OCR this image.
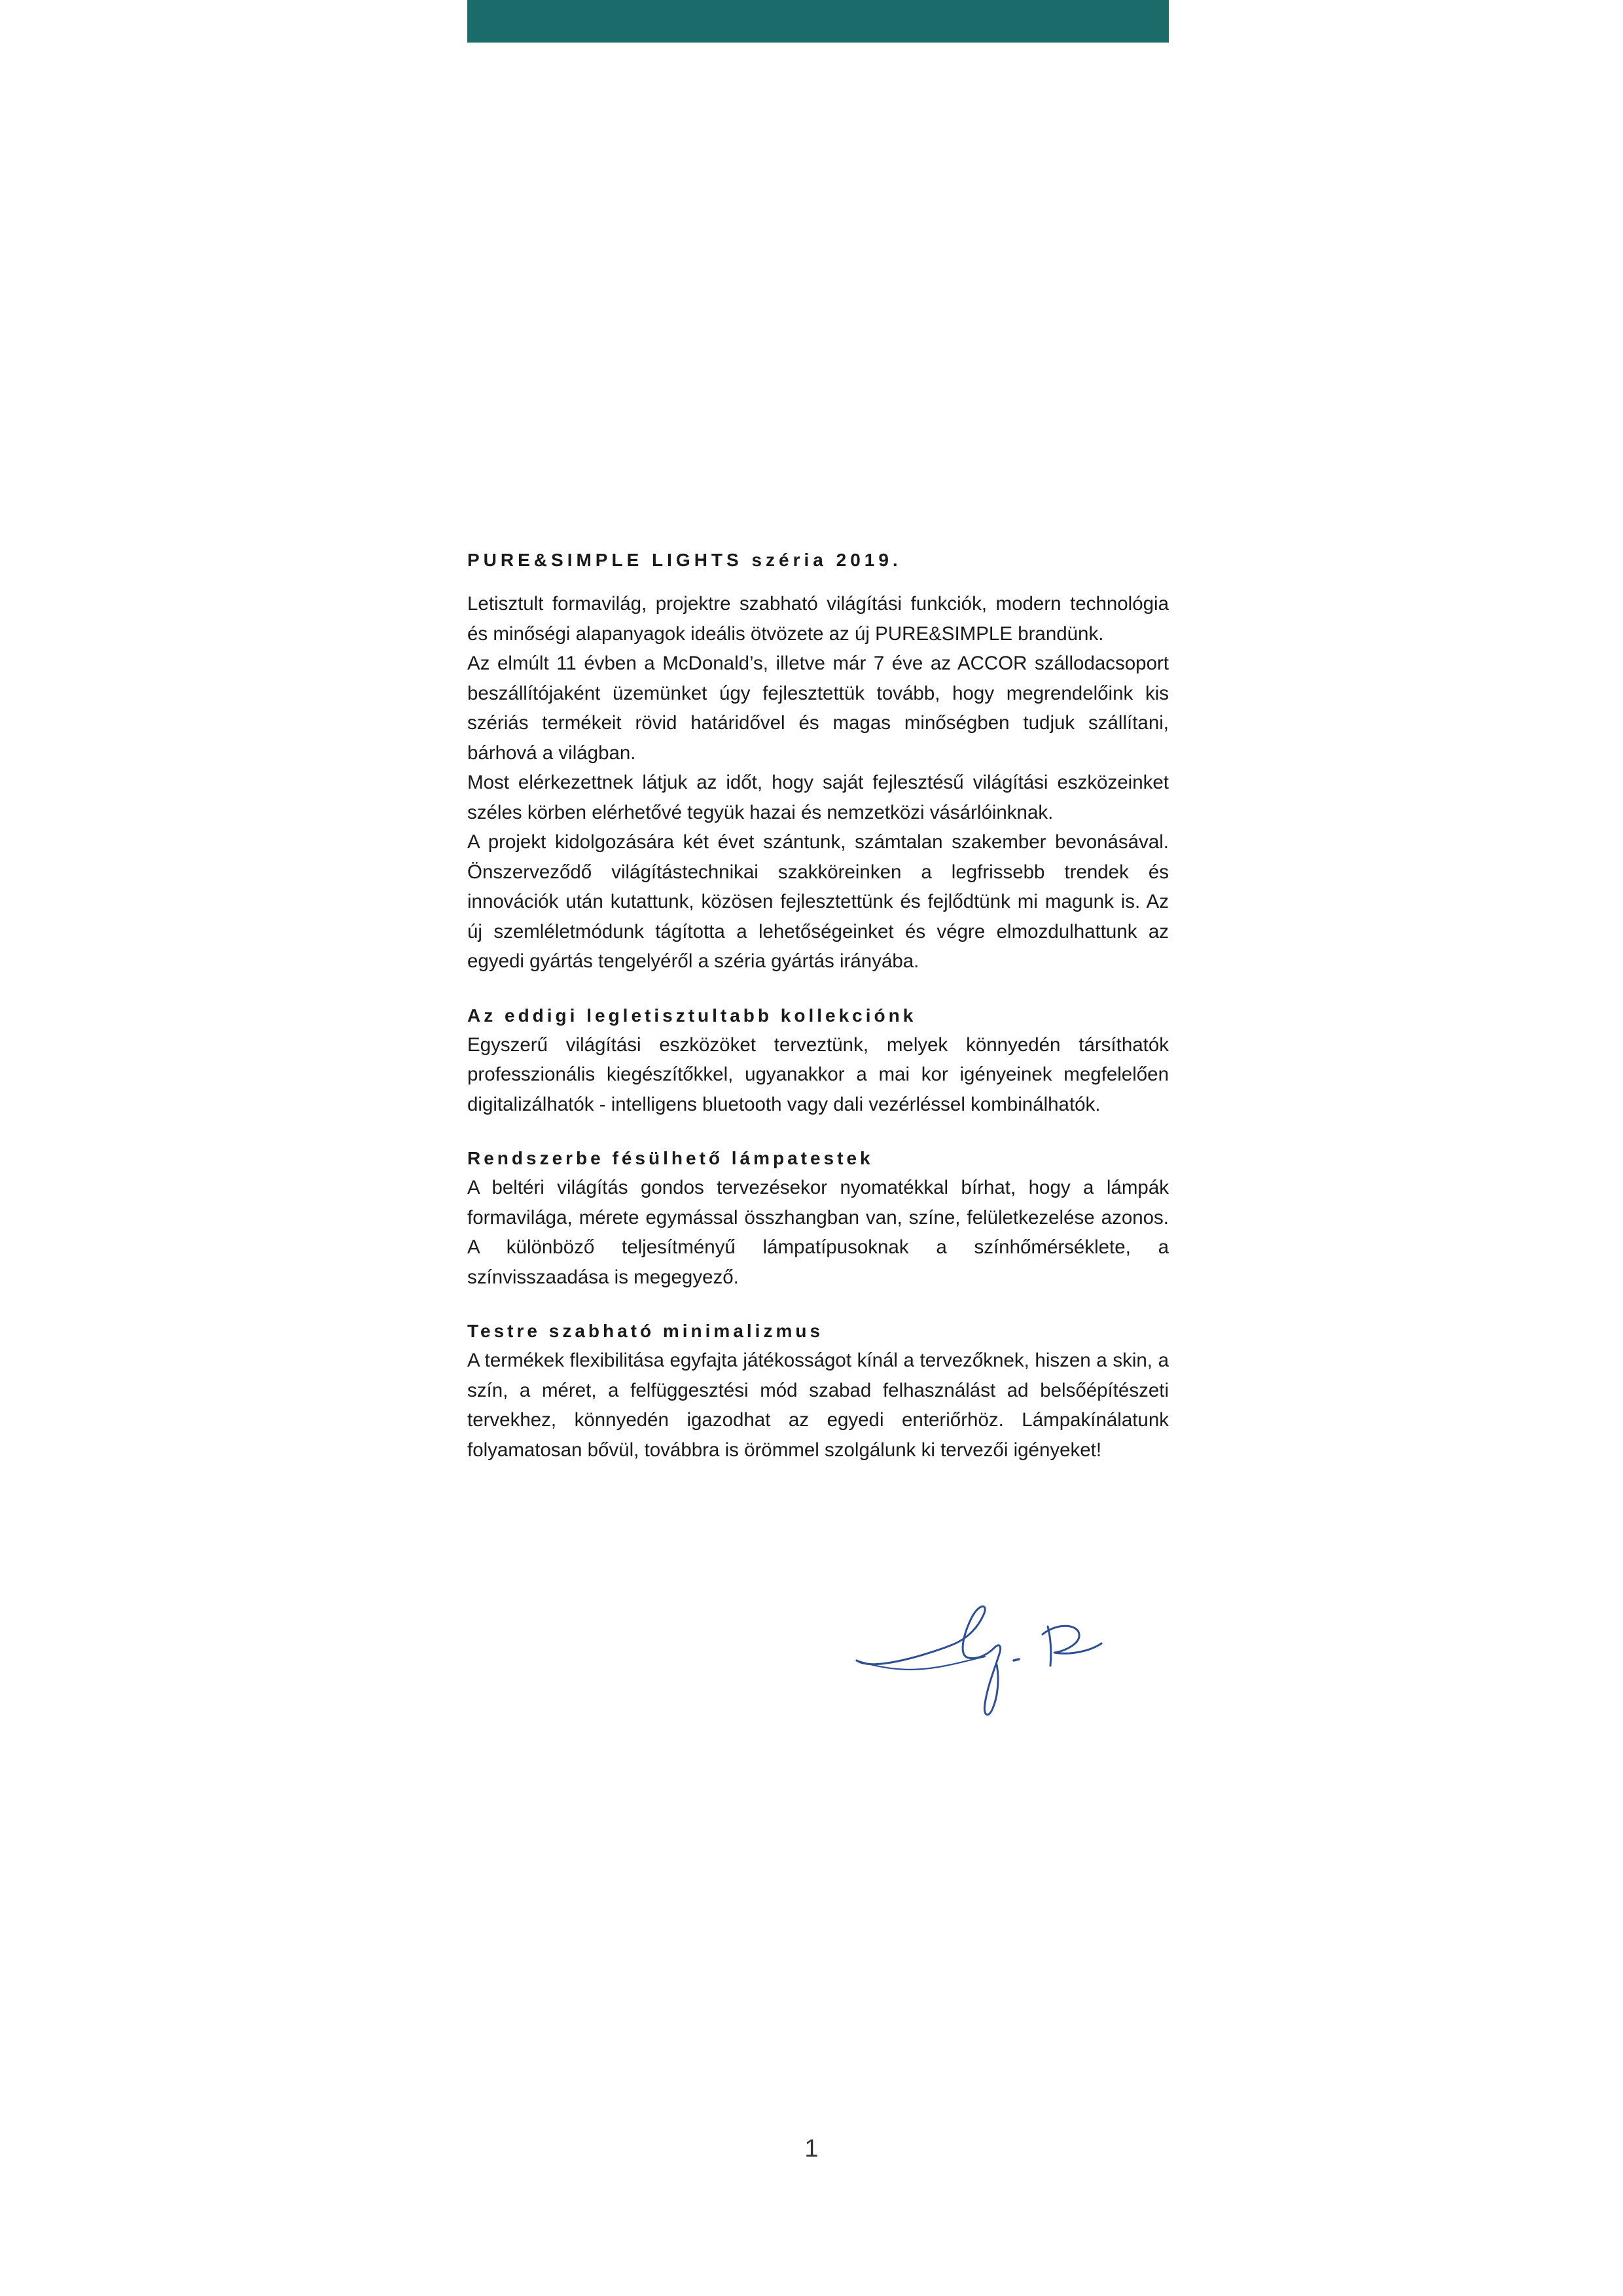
PURE&SIMPLE LIGHTS széria 2019.

Letisztult formavilág, projektre szabható világítási funkciók, modern technológia és minőségi alapanyagok ideális ötvözete az új PURE&SIMPLE brandünk.

Az elmúlt 11 évben a McDonald’s, illetve már 7 éve az ACCOR szállodacsoport beszállítójaként üzemünket úgy fejlesztettük tovább, hogy megrendelőink kis szériás termékeit rövid határidővel és magas minőségben tudjuk szállítani, bárhová a világban.

Most elérkezettnek látjuk az időt, hogy saját fejlesztésű világítási eszközeinket széles körben elérhetővé tegyük hazai és nemzetközi vásárlóinknak.

A projekt kidolgozására két évet szántunk, számtalan szakember bevonásával. Önszerveződő világítástechnikai szakköreinken a legfrissebb trendek és innovációk után kutattunk, közösen fejlesztettünk és fejlődtünk mi magunk is. Az új szemléletmódunk tágította a lehetőségeinket és végre elmozdulhattunk az egyedi gyártás tengelyéről a széria gyártás irányába.

Az eddigi legletisztultabb kollekciónk

Egyszerű világítási eszközöket terveztünk, melyek könnyedén társíthatók professzionális kiegészítőkkel, ugyanakkor a mai kor igényeinek megfelelően digitalizálhatók - intelligens bluetooth vagy dali vezérléssel kombinálhatók.

Rendszerbe fésülhető lámpatestek

A beltéri világítás gondos tervezésekor nyomatékkal bírhat, hogy a lámpák formavilága, mérete egymással összhangban van, színe, felületkezelése azonos. A különböző teljesítményű lámpatípusoknak a színhőmérséklete, a színvisszaadása is megegyező.

Testre szabható minimalizmus

A termékek flexibilitása egyfajta játékosságot kínál a tervezőknek, hiszen a skin, a szín, a méret, a felfüggesztési mód szabad felhasználást ad belsőépítészeti tervekhez, könnyedén igazodhat az egyedi enteriőrhöz. Lámpakínálatunk folyamatosan bővül, továbbra is örömmel szolgálunk ki tervezői igényeket!

1
